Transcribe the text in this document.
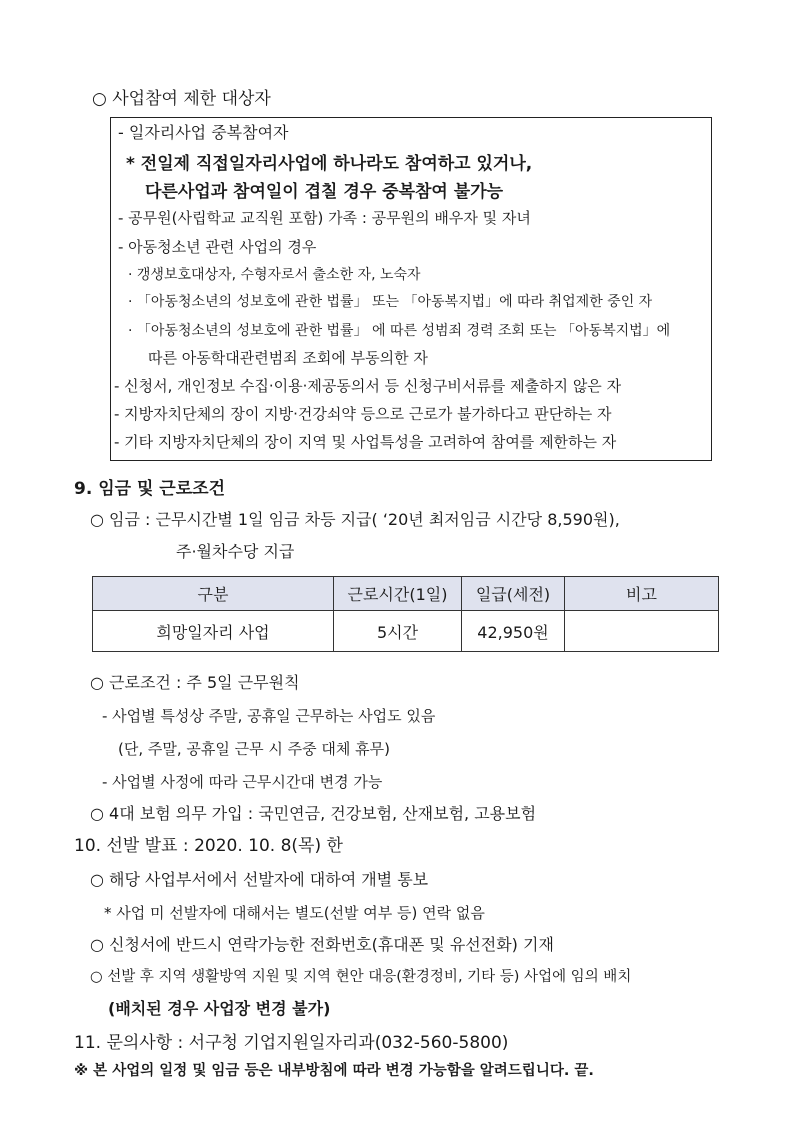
○ 사업참여 제한 대상자
- 일자리사업 중복참여자
* 전일제 직접일자리사업에 하나라도 참여하고 있거나,
다른사업과 참여일이 겹칠 경우 중복참여 불가능
- 공무원(사립학교 교직원 포함) 가족 : 공무원의 배우자 및 자녀
- 아동청소년 관련 사업의 경우
· 갱생보호대상자, 수형자로서 출소한 자, 노숙자
· 「아동청소년의 성보호에 관한 법률」 또는 「아동복지법」에 따라 취업제한 중인 자
· 「아동청소년의 성보호에 관한 법률」 에 따른 성범죄 경력 조회 또는 「아동복지법」에
따른 아동학대관련범죄 조회에 부동의한 자
- 신청서, 개인정보 수집·이용·제공동의서 등 신청구비서류를 제출하지 않은 자
- 지방자치단체의 장이 지방·건강쇠약 등으로 근로가 불가하다고 판단하는 자
- 기타 지방자치단체의 장이 지역 및 사업특성을 고려하여 참여를 제한하는 자
9. 임금 및 근로조건
○ 임금 : 근무시간별 1일 임금 차등 지급( ‘20년 최저임금 시간당 8,590원),
주·월차수당 지급
구분	근로시간(1일)	일급(세전)	비고
희망일자리 사업	5시간	42,950원	
○ 근로조건 : 주 5일 근무원칙
- 사업별 특성상 주말, 공휴일 근무하는 사업도 있음
(단, 주말, 공휴일 근무 시 주중 대체 휴무)
- 사업별 사정에 따라 근무시간대 변경 가능
○ 4대 보험 의무 가입 : 국민연금, 건강보험, 산재보험, 고용보험
10. 선발 발표 : 2020. 10. 8(목) 한
○ 해당 사업부서에서 선발자에 대하여 개별 통보
* 사업 미 선발자에 대해서는 별도(선발 여부 등) 연락 없음
○ 신청서에 반드시 연락가능한 전화번호(휴대폰 및 유선전화) 기재
○ 선발 후 지역 생활방역 지원 및 지역 현안 대응(환경정비, 기타 등) 사업에 임의 배치
(배치된 경우 사업장 변경 불가)
11. 문의사항 : 서구청 기업지원일자리과(032-560-5800)
※ 본 사업의 일정 및 임금 등은 내부방침에 따라 변경 가능함을 알려드립니다. 끝.
